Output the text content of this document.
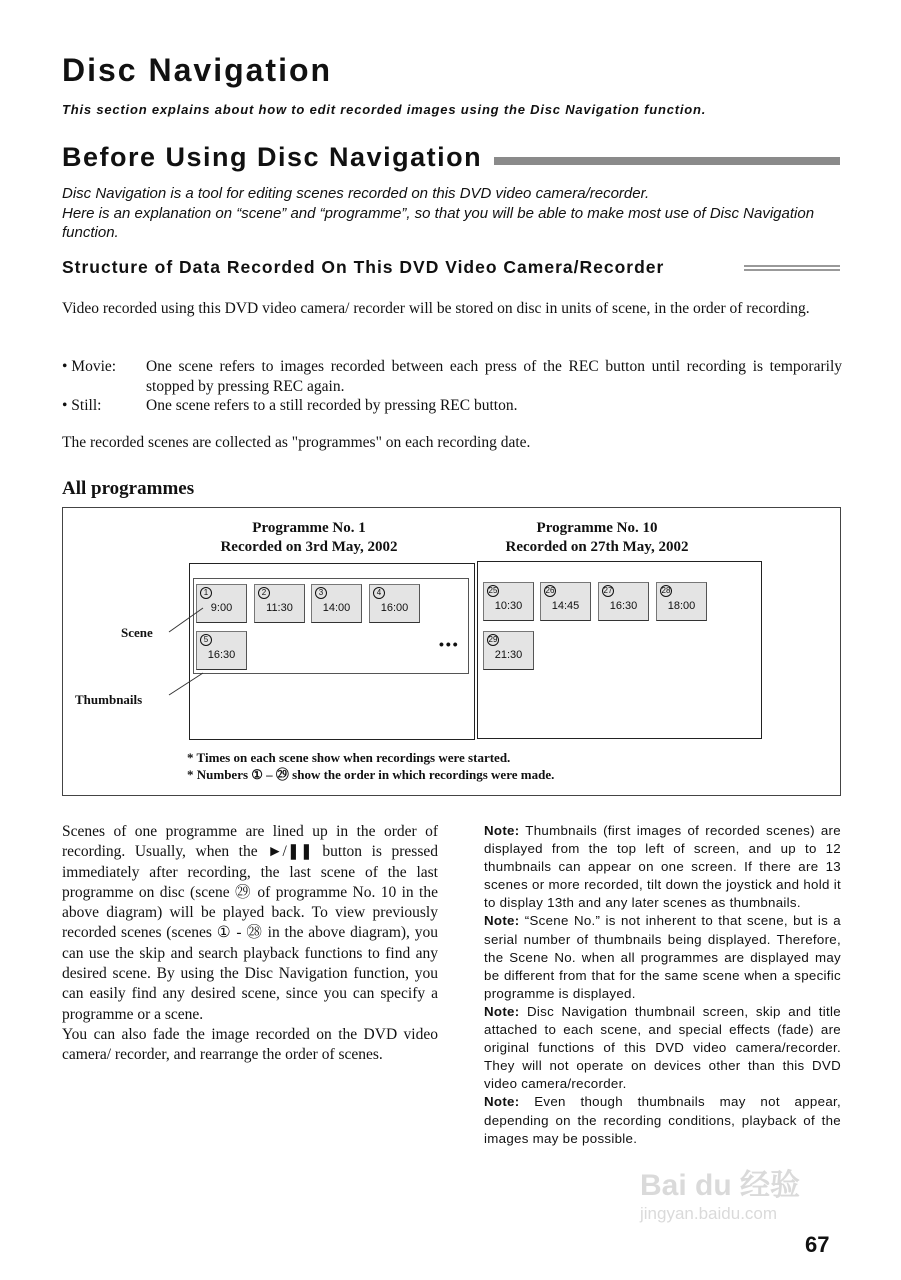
Disc Navigation
This section explains about how to edit recorded images using the Disc Navigation function.
Before Using Disc Navigation
Disc Navigation is a tool for editing scenes recorded on this DVD video camera/recorder.
Here is an explanation on “scene” and “programme”, so that you will be able to make most use of Disc Navigation function.
Structure of Data Recorded On This DVD Video Camera/Recorder
Video recorded using this DVD video camera/ recorder will be stored on disc in units of scene, in the order of recording.
• Movie:	One scene refers to images recorded between each press of the REC button until recording is temporarily stopped by pressing REC again.
• Still:	One scene refers to a still recorded by pressing REC button.
The recorded scenes are collected as "programmes" on each recording date.
All programmes
Programme No. 1
Recorded on 3rd May, 2002
Programme No. 10
Recorded on 27th May, 2002
1
9:00
2
11:30
3
14:00
4
16:00
5
16:30
25
10:30
26
14:45
27
16:30
28
18:00
29
21:30
•••
Scene
Thumbnails
* Times on each scene show when recordings were started.
* Numbers ① – ㉙ show the order in which recordings were made.
Scenes of one programme are lined up in the order of recording. Usually, when the ►/❚❚ button is pressed immediately after recording, the last scene of the last programme on disc (scene ㉙ of programme No. 10 in the above diagram) will be played back. To view previously recorded scenes (scenes ① - ㉘ in the above diagram), you can use the skip and search playback functions to find any desired scene. By using the Disc Navigation function, you can easily find any desired scene, since you can specify a programme or a scene.
You can also fade the image recorded on the DVD video camera/ recorder, and rearrange the order of scenes.
Note: Thumbnails (first images of recorded scenes) are displayed from the top left of screen, and up to 12 thumbnails can appear on one screen. If there are 13 scenes or more recorded, tilt down the joystick and hold it to display 13th and any later scenes as thumbnails.
Note: “Scene No.” is not inherent to that scene, but is a serial number of thumbnails being displayed. Therefore, the Scene No. when all programmes are displayed may be different from that for the same scene when a specific programme is displayed.
Note: Disc Navigation thumbnail screen, skip and title attached to each scene, and special effects (fade) are original functions of this DVD video camera/recorder. They will not operate on devices other than this DVD video camera/recorder.
Note: Even though thumbnails may not appear, depending on the recording conditions, playback of the images may be possible.
Bai du 经验
jingyan.baidu.com
67
